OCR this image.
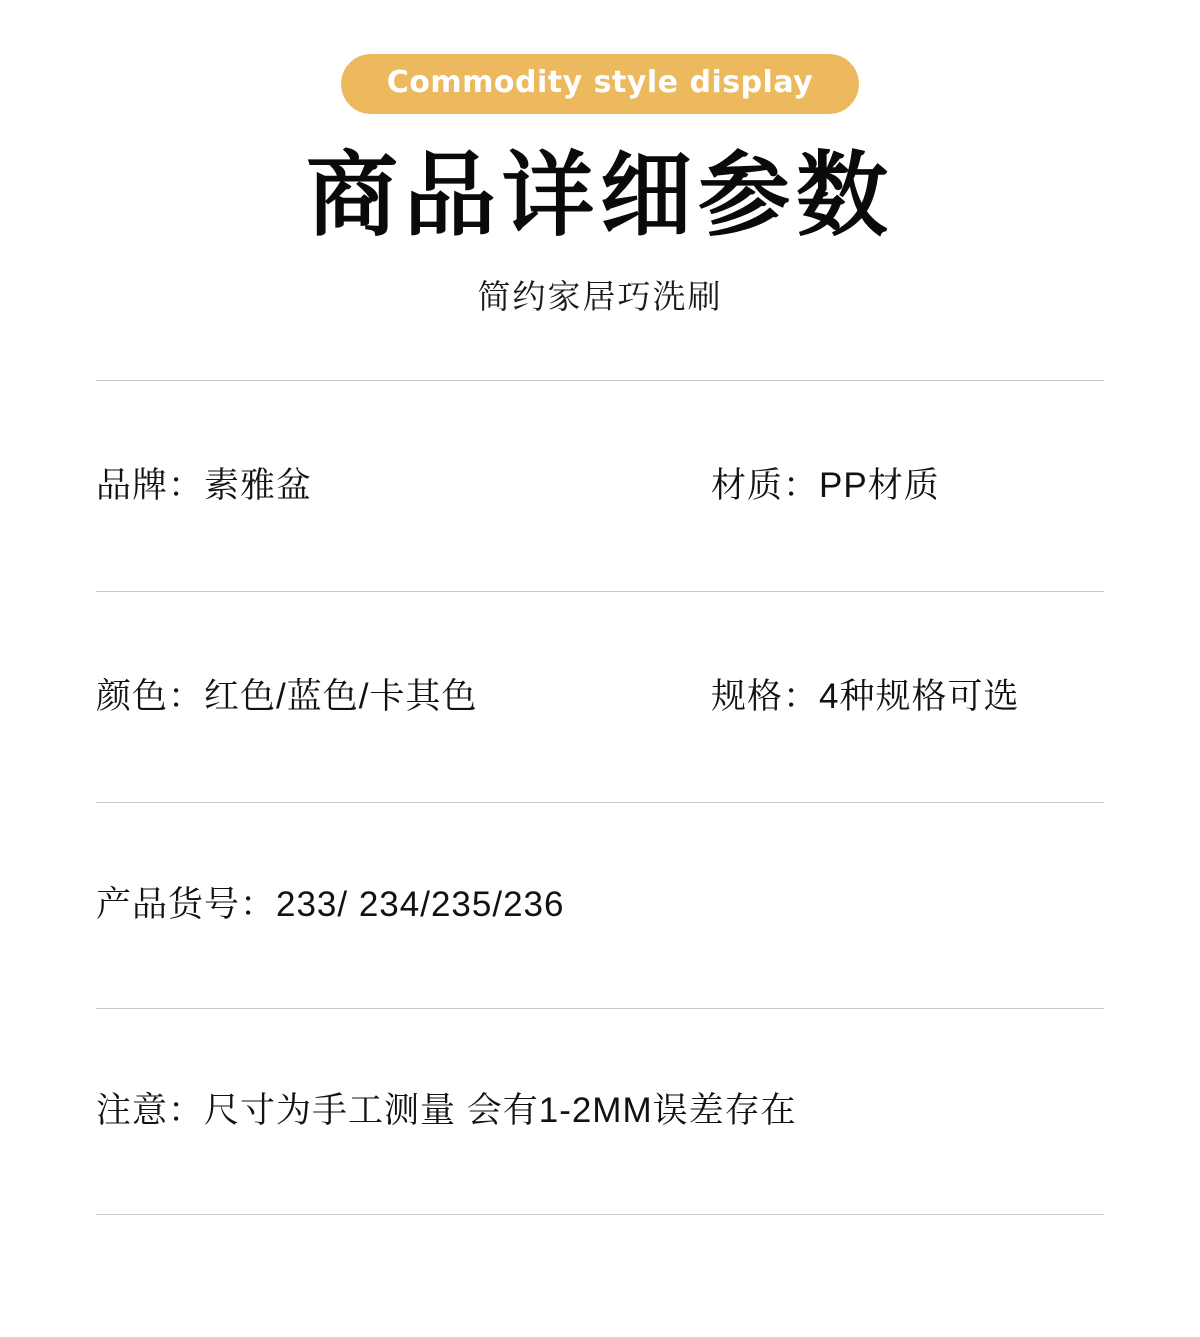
Commodity style display
商品详细参数
简约家居巧洗刷
品牌：素雅盆	材质：PP材质
颜色：红色/蓝色/卡其色	规格：4种规格可选
产品货号：233/ 234/235/236
注意：尺寸为手工测量 会有1-2MM误差存在
